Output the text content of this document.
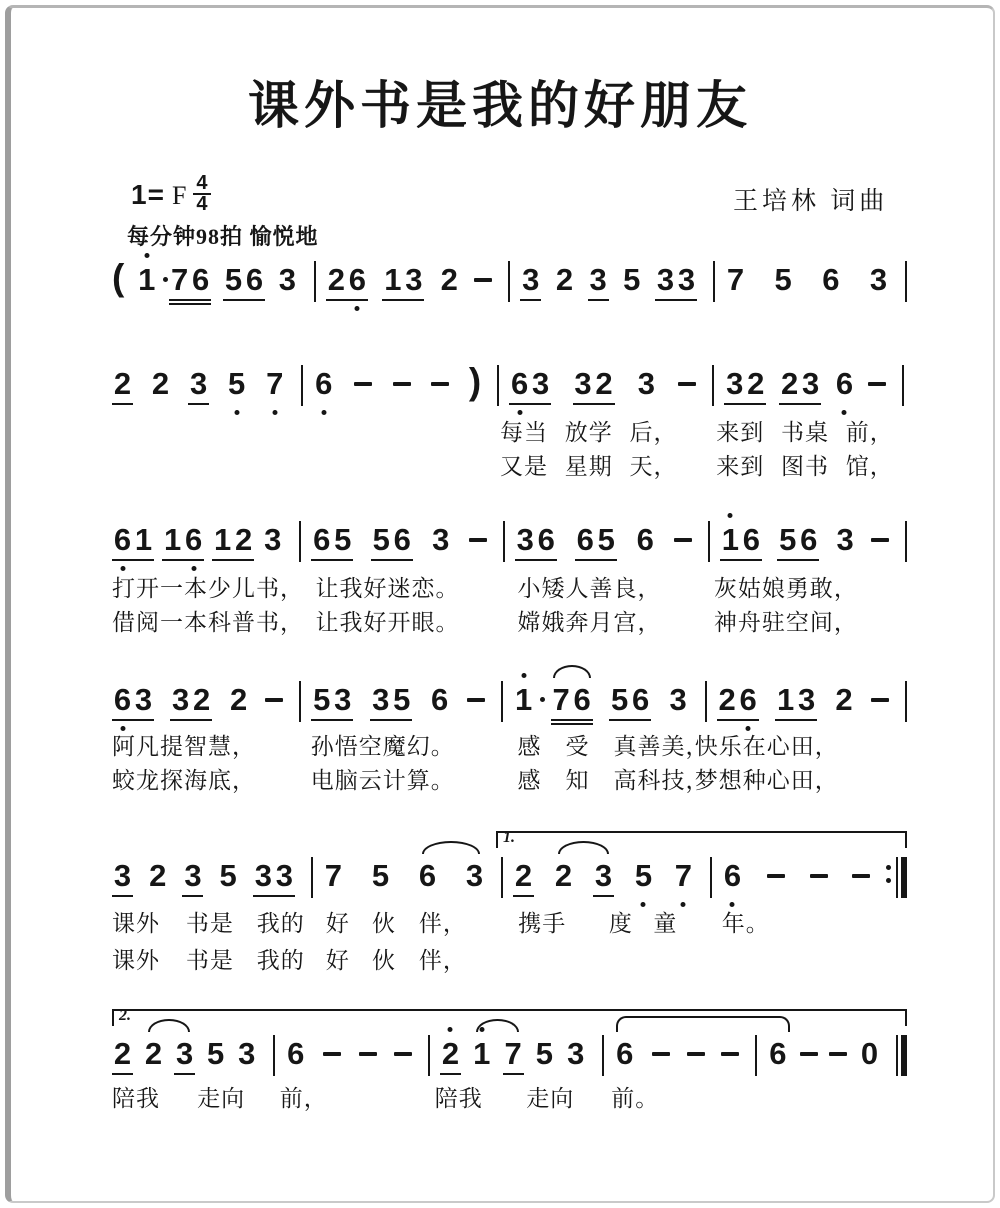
课外书是我的好朋友
1= F $\frac{4}{4}$
每分钟98拍 愉悦地
王培林 词曲
( 1 7 6 5 6 3 2 6 1 3 2 3 2 3 5 3 3 7 5 6 3
2 2 3 5 7 6	) 6 3 3 2 3 3 2 2 3 6
每当 放学 后， 来到 书桌 前，
又是 星期 天， 来到 图书 馆，
6 1 1 6 1 2 3 6 5 5 6 3 3 6 6 5 6 1 6 5 6 3
打开一本少儿书， 让我好迷恋。	小矮人善良， 灰姑娘勇敢，
借阅一本科普书， 让我好开眼。	嫦娥奔月宫， 神舟驻空间，
6 3 3 2 2 5 3 3 5 6 1 7 6 5 6 3 2 6 1 3 2
阿凡提智慧， 孙悟空魔幻。	感　受　真善美，
快乐在心田，
蛟龙探海底， 电脑云计算。	感　知　高科技，
梦想种心田，
3 2 3 5 3 3 7 5 6 3 2 2 3 5 7 6
1.
课外 书是 我的 好 伙 伴， 携手 度 童 年。
课外 书是 我的 好 伙 伴，
2 2 3 5 3 6	2 1 7 5 3 6	6 0
2.
陪我 走向 前，	陪我 走向 前。
